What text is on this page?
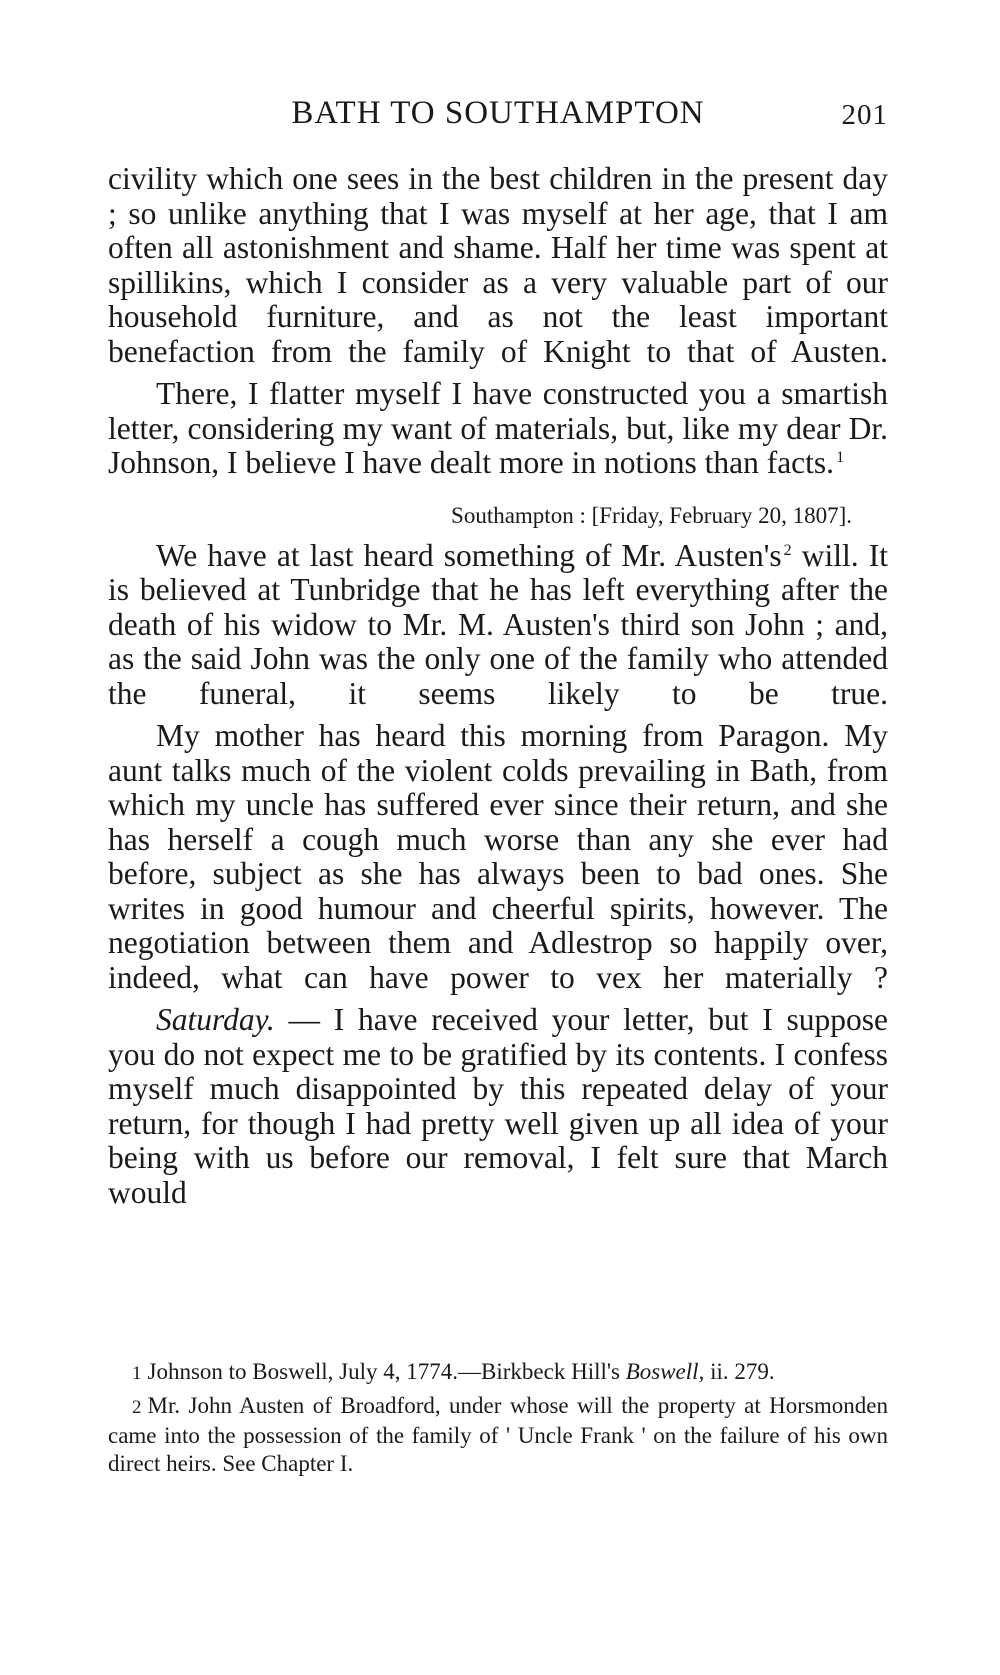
BATH TO SOUTHAMPTON	201

civility which one sees in the best children in the present day ; so unlike anything that I was myself at her age, that I am often all astonishment and shame. Half her time was spent at spillikins, which I consider as a very valuable part of our household furniture, and as not the least important benefaction from the family of Knight to that of Austen.

There, I flatter myself I have constructed you a smartish letter, considering my want of materials, but, like my dear Dr. Johnson, I believe I have dealt more in notions than facts. $^1$

Southampton : [Friday, February 20, 1807].

We have at last heard something of Mr. Austen's $^2$ will. It is believed at Tunbridge that he has left everything after the death of his widow to Mr. M. Austen's third son John ; and, as the said John was the only one of the family who attended the funeral, it seems likely to be true.

My mother has heard this morning from Paragon. My aunt talks much of the violent colds prevailing in Bath, from which my uncle has suffered ever since their return, and she has herself a cough much worse than any she ever had before, subject as she has always been to bad ones. She writes in good humour and cheerful spirits, however. The negotiation between them and Adlestrop so happily over, indeed, what can have power to vex her materially ?

Saturday. — I have received your letter, but I suppose you do not expect me to be gratified by its contents. I confess myself much disappointed by this repeated delay of your return, for though I had pretty well given up all idea of your being with us before our removal, I felt sure that March would

1 Johnson to Boswell, July 4, 1774.—Birkbeck Hill's Boswell, ii. 279.

2 Mr. John Austen of Broadford, under whose will the property at Horsmonden came into the possession of the family of ' Uncle Frank ' on the failure of his own direct heirs. See Chapter I.
